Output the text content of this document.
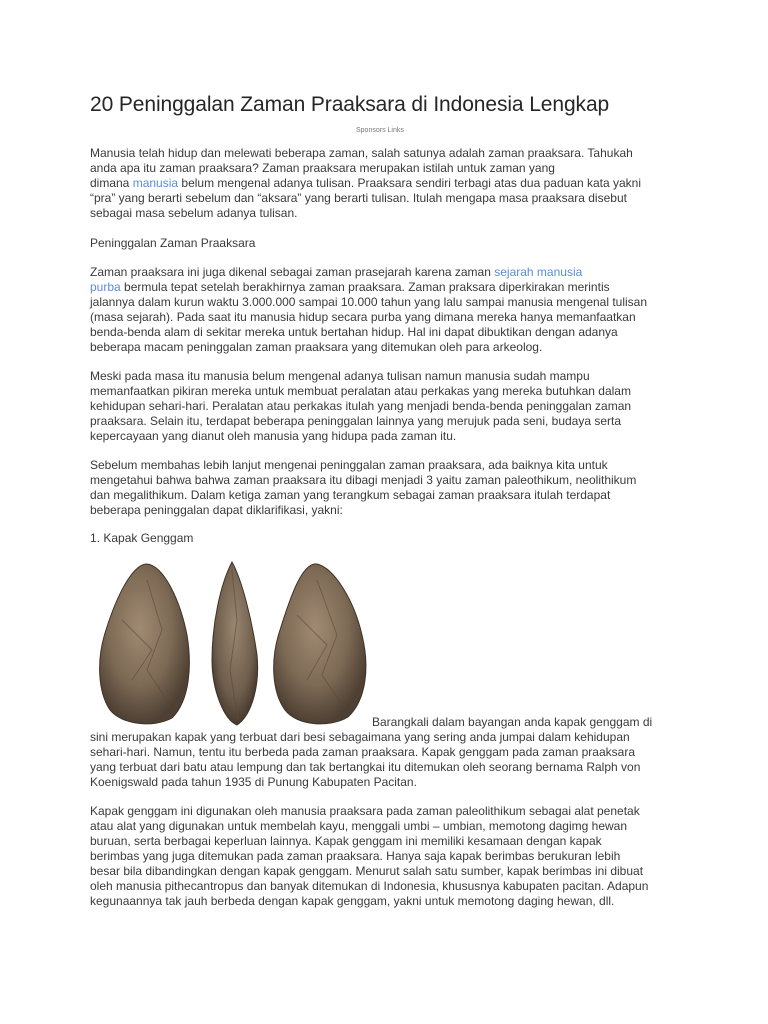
20 Peninggalan Zaman Praaksara di Indonesia Lengkap
Sponsors Links
Manusia telah hidup dan melewati beberapa zaman, salah satunya adalah zaman praaksara. Tahukah
anda apa itu zaman praaksara? Zaman praaksara merupakan istilah untuk zaman yang
dimana manusia belum mengenal adanya tulisan. Praaksara sendiri terbagi atas dua paduan kata yakni
“pra” yang berarti sebelum dan “aksara” yang berarti tulisan. Itulah mengapa masa praaksara disebut
sebagai masa sebelum adanya tulisan.
Peninggalan Zaman Praaksara
Zaman praaksara ini juga dikenal sebagai zaman prasejarah karena zaman sejarah manusia
purba bermula tepat setelah berakhirnya zaman praaksara. Zaman praksara diperkirakan merintis
jalannya dalam kurun waktu 3.000.000 sampai 10.000 tahun yang lalu sampai manusia mengenal tulisan
(masa sejarah). Pada saat itu manusia hidup secara purba yang dimana mereka hanya memanfaatkan
benda-benda alam di sekitar mereka untuk bertahan hidup. Hal ini dapat dibuktikan dengan adanya
beberapa macam peninggalan zaman praaksara yang ditemukan oleh para arkeolog.
Meski pada masa itu manusia belum mengenal adanya tulisan namun manusia sudah mampu
memanfaatkan pikiran mereka untuk membuat peralatan atau perkakas yang mereka butuhkan dalam
kehidupan sehari-hari. Peralatan atau perkakas itulah yang menjadi benda-benda peninggalan zaman
praaksara. Selain itu, terdapat beberapa peninggalan lainnya yang merujuk pada seni, budaya serta
kepercayaan yang dianut oleh manusia yang hidupa pada zaman itu.
Sebelum membahas lebih lanjut mengenai peninggalan zaman praaksara, ada baiknya kita untuk
mengetahui bahwa bahwa zaman praaksara itu dibagi menjadi 3 yaitu zaman paleothikum, neolithikum
dan megalithikum. Dalam ketiga zaman yang terangkum sebagai zaman praaksara itulah terdapat
beberapa peninggalan dapat diklarifikasi, yakni:
1. Kapak Genggam
Barangkali dalam bayangan anda kapak genggam di
sini merupakan kapak yang terbuat dari besi sebagaimana yang sering anda jumpai dalam kehidupan
sehari-hari. Namun, tentu itu berbeda pada zaman praaksara. Kapak genggam pada zaman praaksara
yang terbuat dari batu atau lempung dan tak bertangkai itu ditemukan oleh seorang bernama Ralph von
Koenigswald pada tahun 1935 di Punung Kabupaten Pacitan.
Kapak genggam ini digunakan oleh manusia praaksara pada zaman paleolithikum sebagai alat penetak
atau alat yang digunakan untuk membelah kayu, menggali umbi – umbian, memotong dagimg hewan
buruan, serta berbagai keperluan lainnya. Kapak genggam ini memiliki kesamaan dengan kapak
berimbas yang juga ditemukan pada zaman praaksara. Hanya saja kapak berimbas berukuran lebih
besar bila dibandingkan dengan kapak genggam. Menurut salah satu sumber, kapak berimbas ini dibuat
oleh manusia pithecantropus dan banyak ditemukan di Indonesia, khususnya kabupaten pacitan. Adapun
kegunaannya tak jauh berbeda dengan kapak genggam, yakni untuk memotong daging hewan, dll.
